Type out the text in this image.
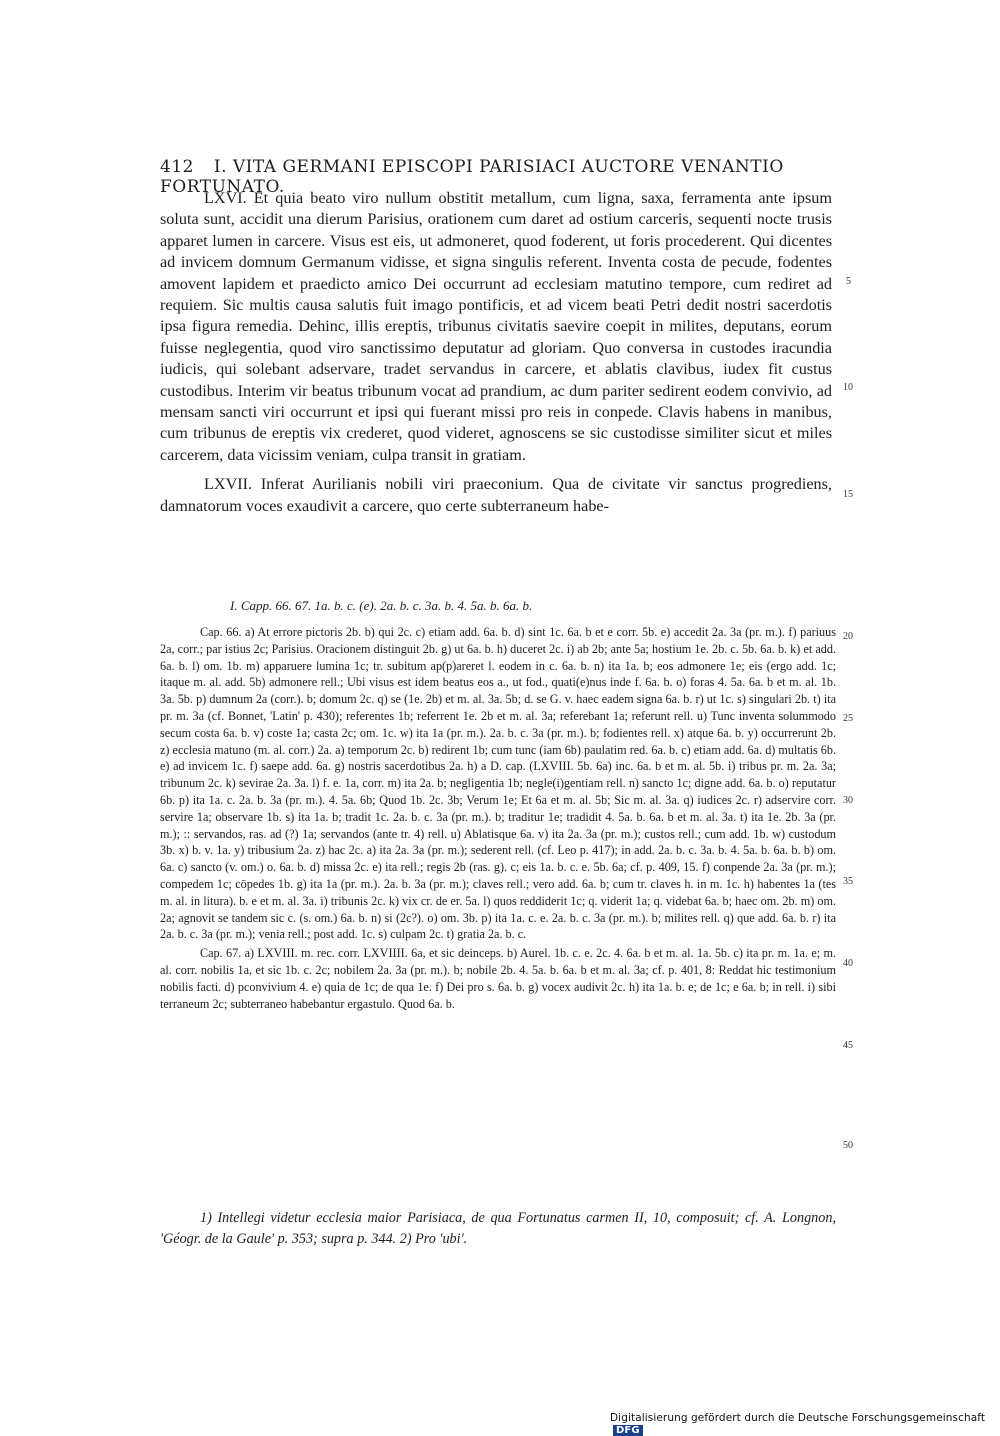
412 I. VITA GERMANI EPISCOPI PARISIACI AUCTORE VENANTIO FORTUNATO.

LXVI. Et quia beato viro nullum obstitit metallum, cum ligna, saxa, ferramenta ante ipsum soluta sunt, accidit una dierum Parisius, orationem cum daret ad ostium carceris, sequenti nocte trusis apparet lumen in carcere. Visus est eis, ut admoneret, quod foderent, ut foris procederent. Qui dicentes ad invicem domnum Germanum vidisse, et signa singulis referent. Inventa costa de pecude, fodentes amovent lapidem et praedicto amico Dei occurrunt ad ecclesiam matutino tempore, cum rediret ad requiem. Sic multis causa salutis fuit imago pontificis, et ad vicem beati Petri dedit nostri sacerdotis ipsa figura remedia. Dehinc, illis ereptis, tribunus civitatis saevire coepit in milites, deputans, eorum fuisse neglegentia, quod viro sanctissimo deputatur ad gloriam. Quo conversa in custodes iracundia iudicis, qui solebant adservare, tradet servandus in carcere, et ablatis clavibus, iudex fit custus custodibus. Interim vir beatus tribunum vocat ad prandium, ac dum pariter sedirent eodem convivio, ad mensam sancti viri occurrunt et ipsi qui fuerant missi pro reis in conpede. Clavis habens in manibus, cum tribunus de ereptis vix crederet, quod videret, agnoscens se sic custodisse similiter sicut et miles carcerem, data vicissim veniam, culpa transit in gratiam.

LXVII. Inferat Aurilianis nobili viri praeconium. Qua de civitate vir sanctus progrediens, damnatorum voces exaudivit a carcere, quo certe subterraneum habe-

5
10
15
I. Capp. 66. 67. 1a. b. c. (e). 2a. b. c. 3a. b. 4. 5a. b. 6a. b.

Cap. 66. a) At errore pictoris 2b. b) qui 2c. c) etiam add. 6a. b. d) sint 1c. 6a. b et e corr. 5b. e) accedit 2a. 3a (pr. m.). f) pariuus 2a, corr.; par istius 2c; Parisius. Oracionem distinguit 2b. g) ut 6a. b. h) duceret 2c. i) ab 2b; ante 5a; hostium 1e. 2b. c. 5b. 6a. b. k) et add. 6a. b. l) om. 1b. m) apparuere lumina 1c; tr. subitum ap(p)areret l. eodem in c. 6a. b. n) ita 1a. b; eos admonere 1e; eis (ergo add. 1c; itaque m. al. add. 5b) admonere rell.; Ubi visus est idem beatus eos a., ut fod., quati(e)nus inde f. 6a. b. o) foras 4. 5a. 6a. b et m. al. 1b. 3a. 5b. p) dumnum 2a (corr.). b; domum 2c. q) se (1e. 2b) et m. al. 3a. 5b; d. se G. v. haec eadem signa 6a. b. r) ut 1c. s) singulari 2b. t) ita pr. m. 3a (cf. Bonnet, 'Latin' p. 430); referentes 1b; referrent 1e. 2b et m. al. 3a; referebant 1a; referunt rell. u) Tunc inventa solummodo secum costa 6a. b. v) coste 1a; casta 2c; om. 1c. w) ita 1a (pr. m.). 2a. b. c. 3a (pr. m.). b; fodientes rell. x) atque 6a. b. y) occurrerunt 2b. z) ecclesia matuno (m. al. corr.) 2a. a) temporum 2c. b) redirent 1b; cum tunc (iam 6b) paulatim red. 6a. b. c) etiam add. 6a. d) multatis 6b. e) ad invicem 1c. f) saepe add. 6a. g) nostris sacerdotibus 2a. h) a D. cap. (LXVIII. 5b. 6a) inc. 6a. b et m. al. 5b. i) tribus pr. m. 2a. 3a; tribunum 2c. k) sevirae 2a. 3a. l) f. e. 1a, corr. m) ita 2a. b; negligentia 1b; negle(i)gentiam rell. n) sancto 1c; digne add. 6a. b. o) reputatur 6b. p) ita 1a. c. 2a. b. 3a (pr. m.). 4. 5a. 6b; Quod 1b. 2c. 3b; Verum 1e; Et 6a et m. al. 5b; Sic m. al. 3a. q) iudices 2c. r) adservire corr. servire 1a; observare 1b. s) ita 1a. b; tradit 1c. 2a. b. c. 3a (pr. m.). b; traditur 1e; tradidit 4. 5a. b. 6a. b et m. al. 3a. t) ita 1e. 2b. 3a (pr. m.); :: servandos, ras. ad (?) 1a; servandos (ante tr. 4) rell. u) Ablatisque 6a. v) ita 2a. 3a (pr. m.); custos rell.; cum add. 1b. w) custodum 3b. x) b. v. 1a. y) tribusium 2a. z) hac 2c. a) ita 2a. 3a (pr. m.); sederent rell. (cf. Leo p. 417); in add. 2a. b. c. 3a. b. 4. 5a. b. 6a. b. b) om. 6a. c) sancto (v. om.) o. 6a. b. d) missa 2c. e) ita rell.; regis 2b (ras. g). c; eis 1a. b. c. e. 5b. 6a; cf. p. 409, 15. f) conpende 2a. 3a (pr. m.); compedem 1c; cōpedes 1b. g) ita 1a (pr. m.). 2a. b. 3a (pr. m.); claves rell.; vero add. 6a. b; cum tr. claves h. in m. 1c. h) habentes 1a (tes m. al. in litura). b. e et m. al. 3a. i) tribunis 2c. k) vix cr. de er. 5a. l) quos reddiderit 1c; q. viderit 1a; q. videbat 6a. b; haec om. 2b. m) om. 2a; agnovit se tandem sic c. (s. om.) 6a. b. n) si (2c?). o) om. 3b. p) ita 1a. c. e. 2a. b. c. 3a (pr. m.). b; milites rell. q) que add. 6a. b. r) ita 2a. b. c. 3a (pr. m.); venia rell.; post add. 1c. s) culpam 2c. t) gratia 2a. b. c.

Cap. 67. a) LXVIII. m. rec. corr. LXVIIII. 6a, et sic deinceps. b) Aurel. 1b. c. e. 2c. 4. 6a. b et m. al. 1a. 5b. c) ita pr. m. 1a. e; m. al. corr. nobilis 1a, et sic 1b. c. 2c; nobilem 2a. 3a (pr. m.). b; nobile 2b. 4. 5a. b. 6a. b et m. al. 3a; cf. p. 401, 8: Reddat hic testimonium nobilis facti. d) pconvivium 4. e) quia de 1c; de qua 1e. f) Dei pro s. 6a. b. g) vocex audivit 2c. h) ita 1a. b. e; de 1c; e 6a. b; in rell. i) sibi terraneum 2c; subterraneo habebantur ergastulo. Quod 6a. b.

20
25
30
35
40
45
50
1) Intellegi videtur ecclesia maior Parisiaca, de qua Fortunatus carmen II, 10, composuit; cf. A. Longnon, 'Géogr. de la Gaule' p. 353; supra p. 344. 2) Pro 'ubi'.
Digitalisierung gefördert durch die Deutsche Forschungsgemeinschaft DFG
